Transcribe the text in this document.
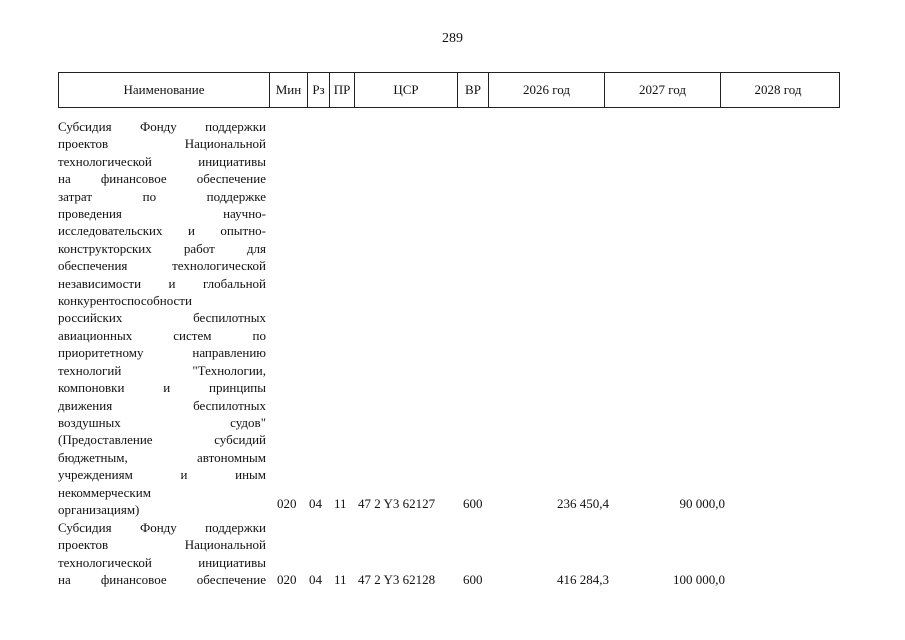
289
Наименование	Мин Рз ПР	ЦСР	ВР	2026 год	2027 год	2028 год
Субсидия Фонду поддержки
проектов Национальной
технологической инициативы
на финансовое обеспечение
затрат по поддержке
проведения научно-
исследовательских и опытно-
конструкторских работ для
обеспечения технологической
независимости и глобальной
конкурентоспособности
российских беспилотных
авиационных систем по
приоритетному направлению
технологий "Технологии,
компоновки и принципы
движения беспилотных
воздушных судов"
(Предоставление субсидий
бюджетным, автономным
учреждениям и иным
некоммерческим
организациям)	020 04 11 47 2 Y3 62127 600	236 450,4	90 000,0
Субсидия Фонду поддержки
проектов Национальной
технологической инициативы
на финансовое обеспечение 020 04 11 47 2 Y3 62128 600	416 284,3	100 000,0
